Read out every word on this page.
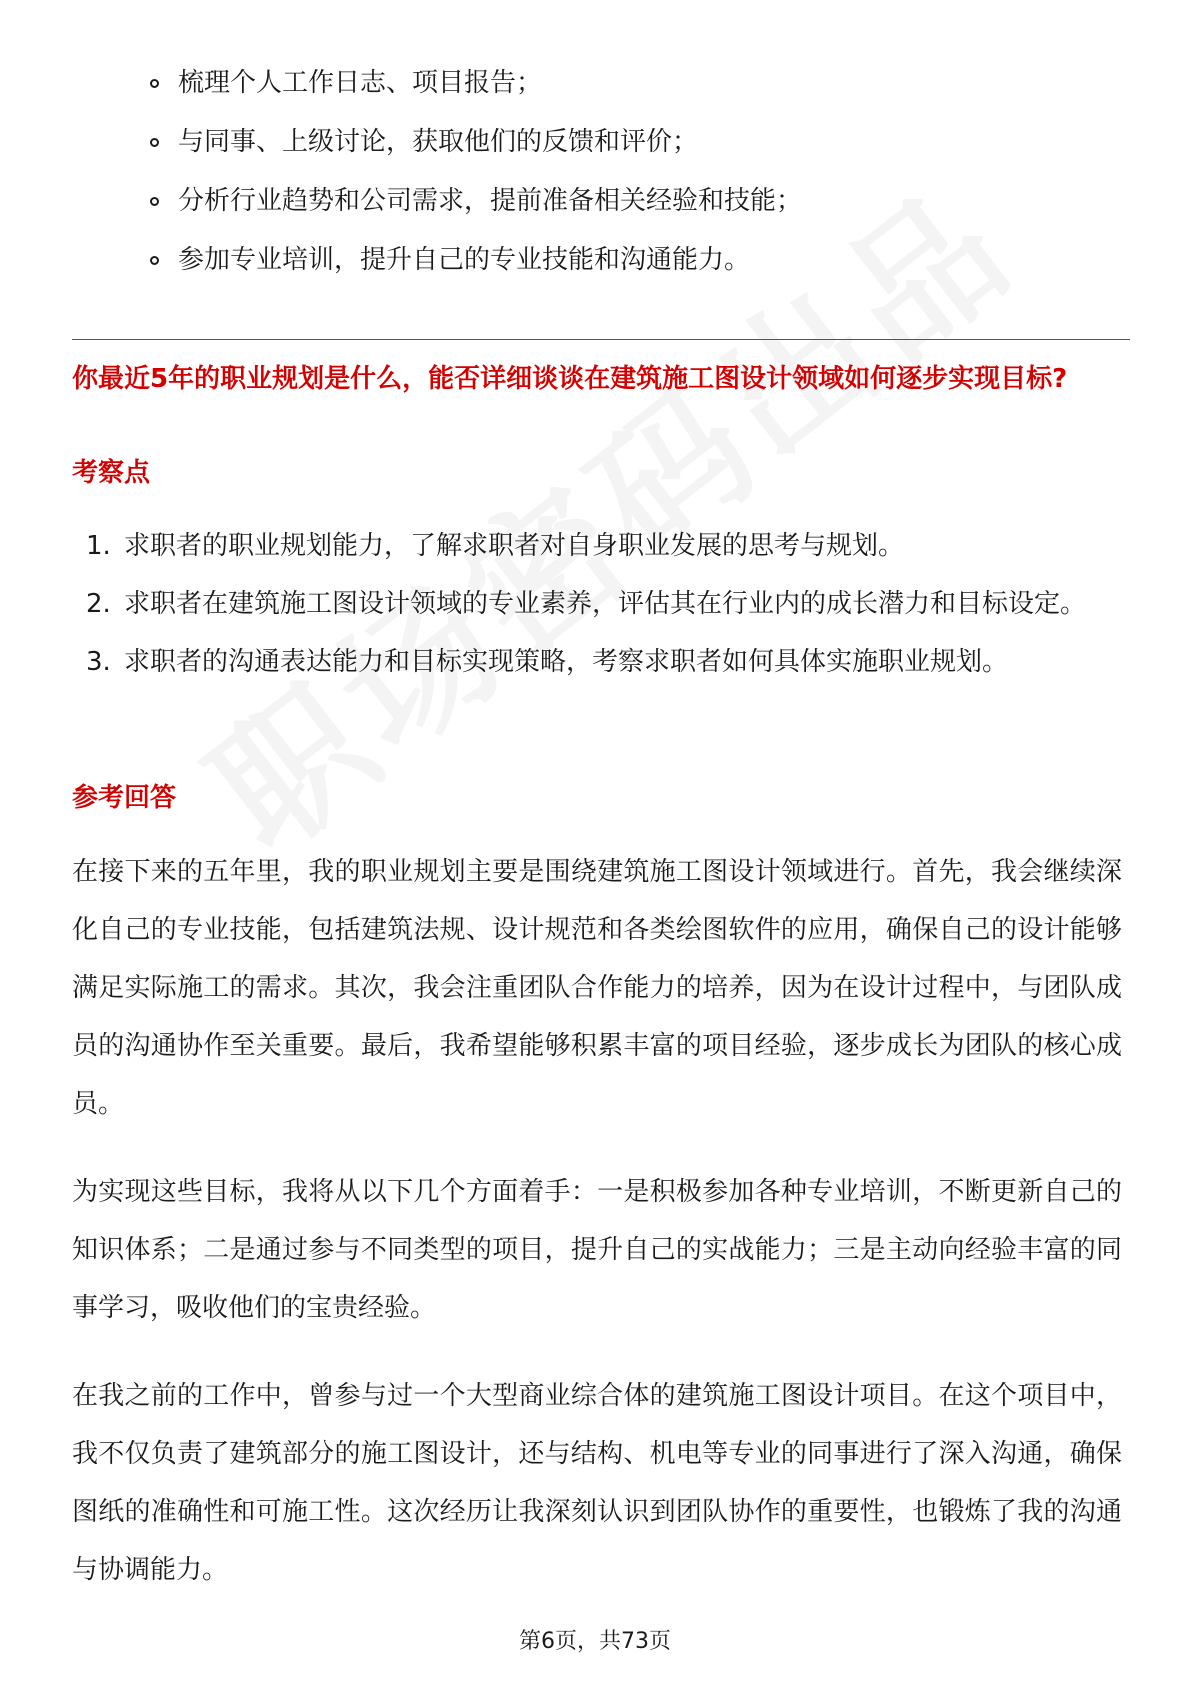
梳理个人工作日志、项目报告；
与同事、上级讨论，获取他们的反馈和评价；
分析行业趋势和公司需求，提前准备相关经验和技能；
参加专业培训，提升自己的专业技能和沟通能力。
你最近5年的职业规划是什么，能否详细谈谈在建筑施工图设计领域如何逐步实现目标?
考察点
1. 求职者的职业规划能力，了解求职者对自身职业发展的思考与规划。
2. 求职者在建筑施工图设计领域的专业素养，评估其在行业内的成长潜力和目标设定。
3. 求职者的沟通表达能力和目标实现策略，考察求职者如何具体实施职业规划。
参考回答

在接下来的五年里，我的职业规划主要是围绕建筑施工图设计领域进行。首先，我会继续深化自己的专业技能，包括建筑法规、设计规范和各类绘图软件的应用，确保自己的设计能够满足实际施工的需求。其次，我会注重团队合作能力的培养，因为在设计过程中，与团队成员的沟通协作至关重要。最后，我希望能够积累丰富的项目经验，逐步成长为团队的核心成员。

为实现这些目标，我将从以下几个方面着手：一是积极参加各种专业培训，不断更新自己的知识体系；二是通过参与不同类型的项目，提升自己的实战能力；三是主动向经验丰富的同事学习，吸收他们的宝贵经验。

在我之前的工作中，曾参与过一个大型商业综合体的建筑施工图设计项目。在这个项目中，我不仅负责了建筑部分的施工图设计，还与结构、机电等专业的同事进行了深入沟通，确保图纸的准确性和可施工性。这次经历让我深刻认识到团队协作的重要性，也锻炼了我的沟通与协调能力。

第6页，共73页
